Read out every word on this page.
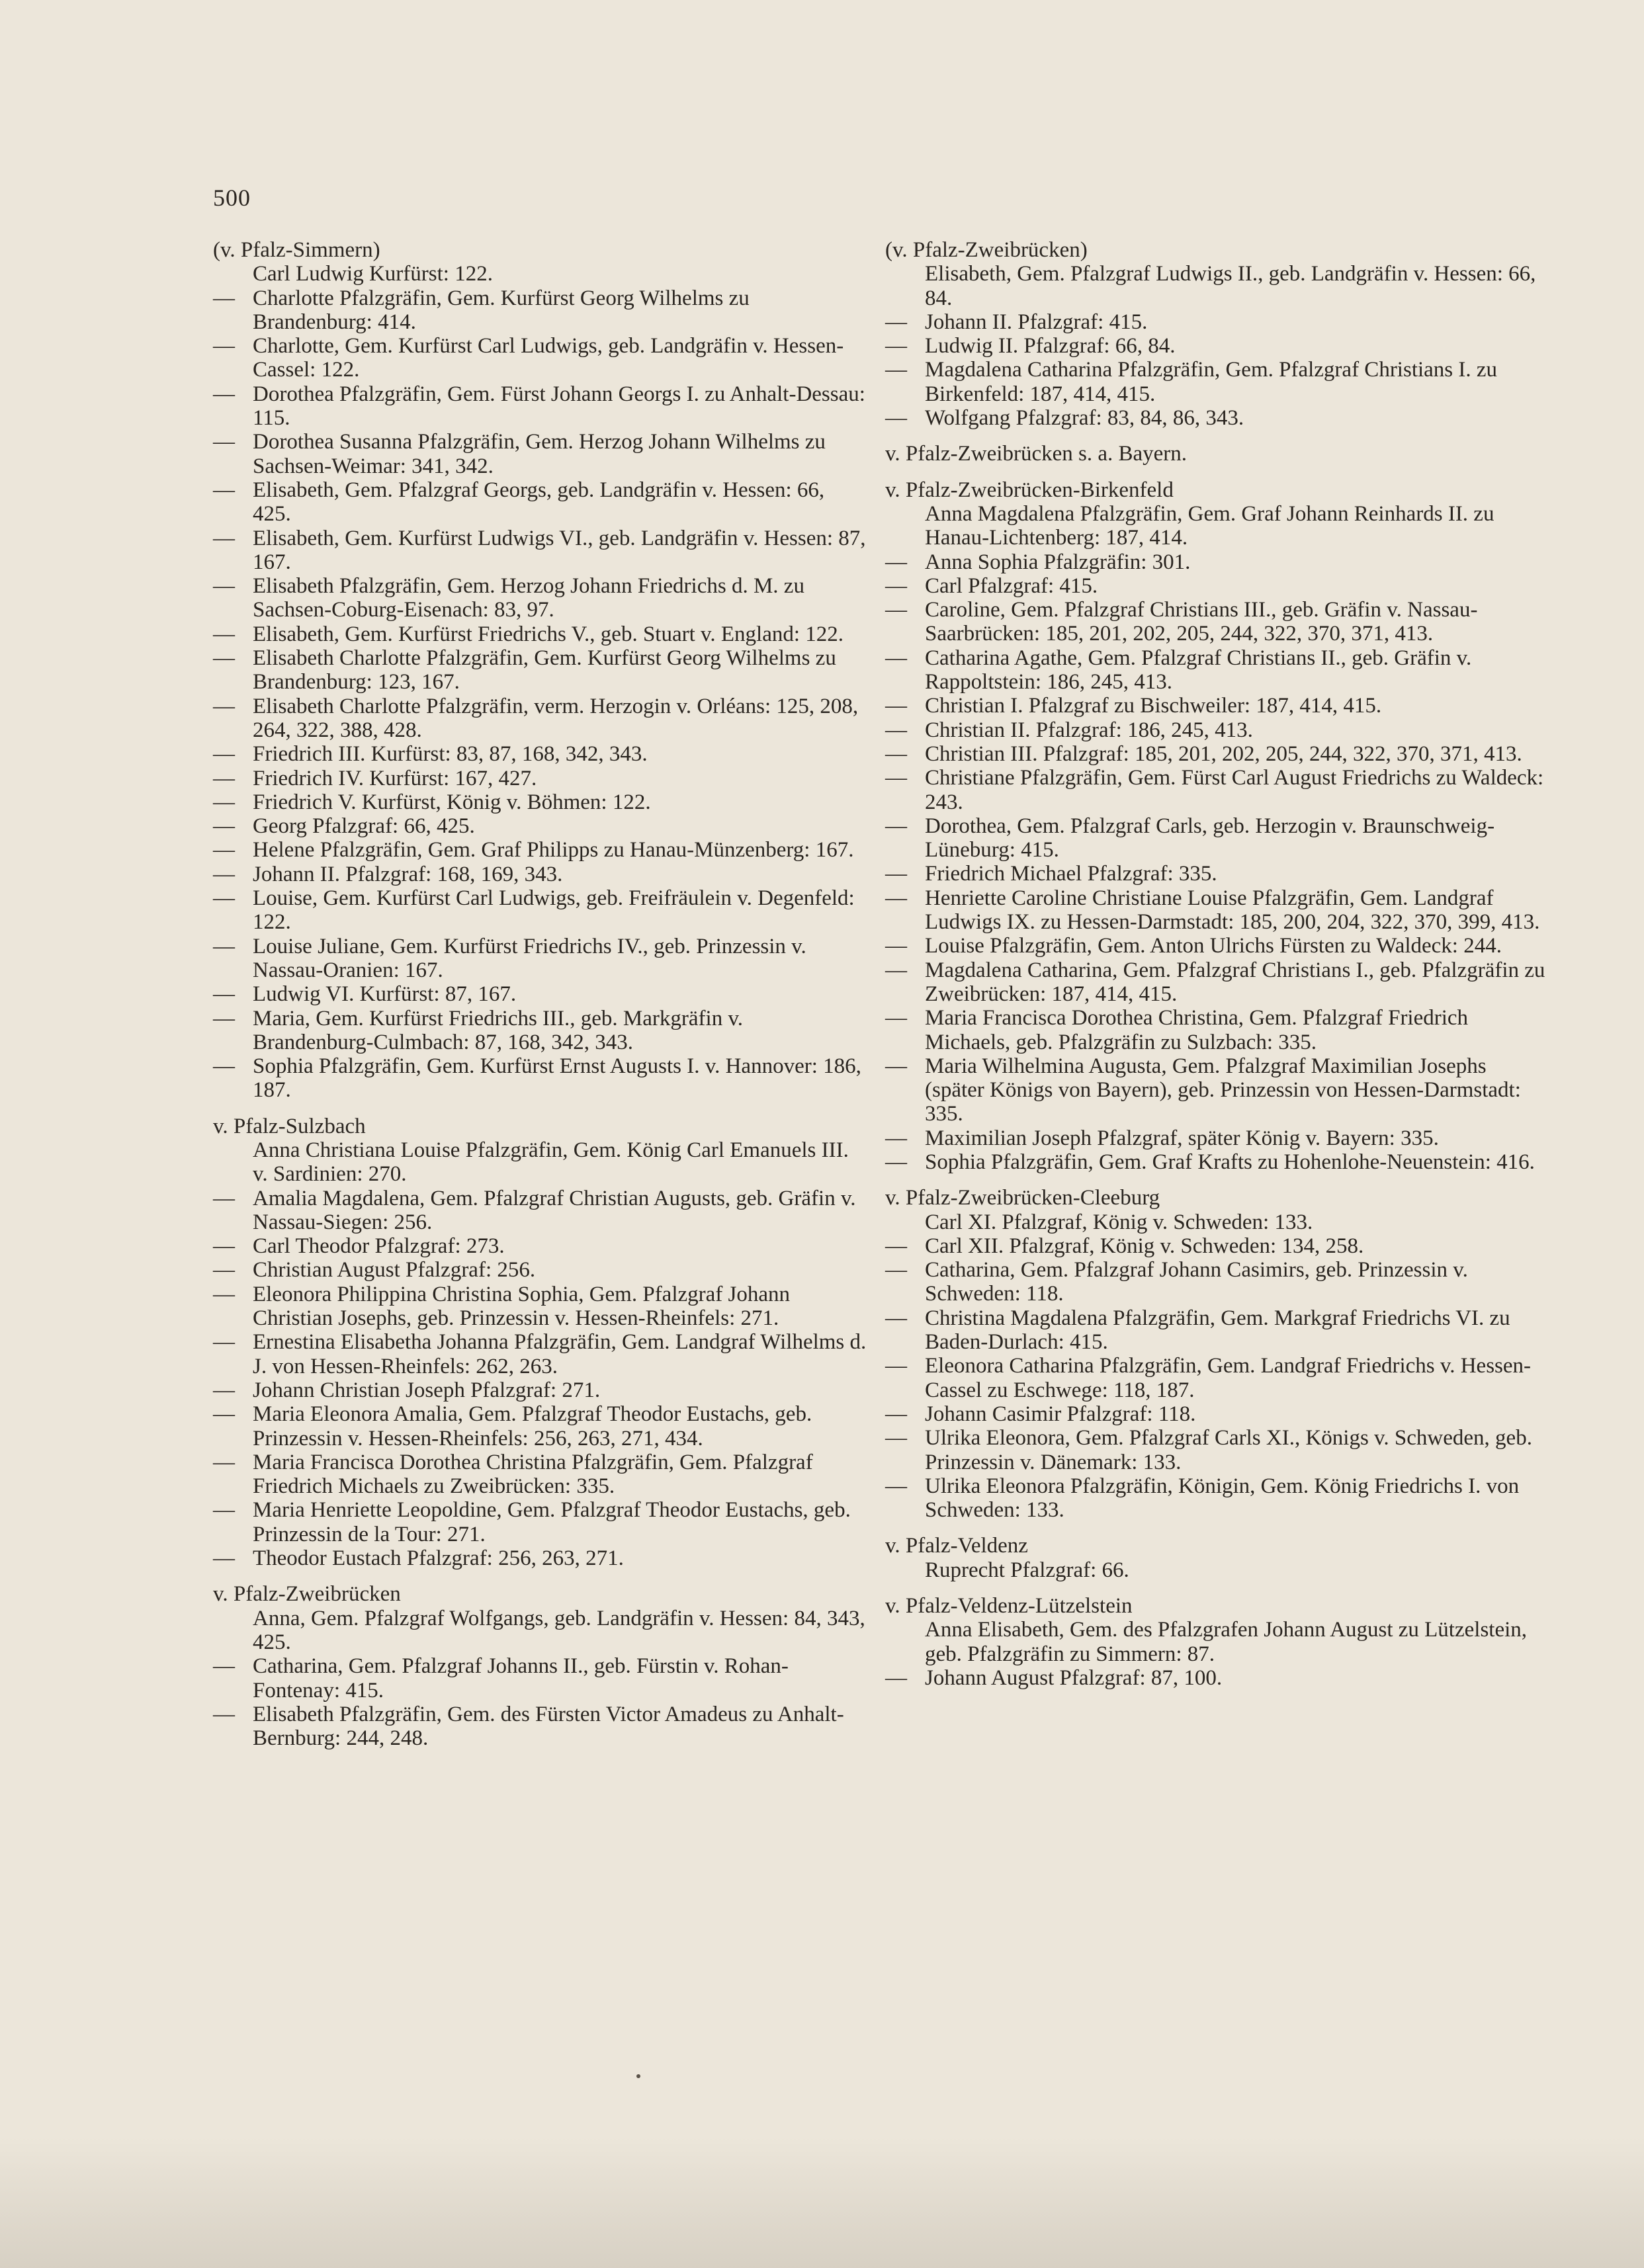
500
(v. Pfalz-Simmern)
Carl Ludwig Kurfürst: 122.
— Charlotte Pfalzgräfin, Gem. Kurfürst Georg Wilhelms zu Brandenburg: 414.
— Charlotte, Gem. Kurfürst Carl Ludwigs, geb. Landgräfin v. Hessen-Cassel: 122.
— Dorothea Pfalzgräfin, Gem. Fürst Johann Georgs I. zu Anhalt-Dessau: 115.
— Dorothea Susanna Pfalzgräfin, Gem. Herzog Johann Wilhelms zu Sachsen-Weimar: 341, 342.
— Elisabeth, Gem. Pfalzgraf Georgs, geb. Landgräfin v. Hessen: 66, 425.
— Elisabeth, Gem. Kurfürst Ludwigs VI., geb. Landgräfin v. Hessen: 87, 167.
— Elisabeth Pfalzgräfin, Gem. Herzog Johann Friedrichs d. M. zu Sachsen-Coburg-Eisenach: 83, 97.
— Elisabeth, Gem. Kurfürst Friedrichs V., geb. Stuart v. England: 122.
— Elisabeth Charlotte Pfalzgräfin, Gem. Kurfürst Georg Wilhelms zu Brandenburg: 123, 167.
— Elisabeth Charlotte Pfalzgräfin, verm. Herzogin v. Orléans: 125, 208, 264, 322, 388, 428.
— Friedrich III. Kurfürst: 83, 87, 168, 342, 343.
— Friedrich IV. Kurfürst: 167, 427.
— Friedrich V. Kurfürst, König v. Böhmen: 122.
— Georg Pfalzgraf: 66, 425.
— Helene Pfalzgräfin, Gem. Graf Philipps zu Hanau-Münzenberg: 167.
— Johann II. Pfalzgraf: 168, 169, 343.
— Louise, Gem. Kurfürst Carl Ludwigs, geb. Freifräulein v. Degenfeld: 122.
— Louise Juliane, Gem. Kurfürst Friedrichs IV., geb. Prinzessin v. Nassau-Oranien: 167.
— Ludwig VI. Kurfürst: 87, 167.
— Maria, Gem. Kurfürst Friedrichs III., geb. Markgräfin v. Brandenburg-Culmbach: 87, 168, 342, 343.
— Sophia Pfalzgräfin, Gem. Kurfürst Ernst Augusts I. v. Hannover: 186, 187.
v. Pfalz-Sulzbach
Anna Christiana Louise Pfalzgräfin, Gem. König Carl Emanuels III. v. Sardinien: 270.
— Amalia Magdalena, Gem. Pfalzgraf Christian Augusts, geb. Gräfin v. Nassau-Siegen: 256.
— Carl Theodor Pfalzgraf: 273.
— Christian August Pfalzgraf: 256.
— Eleonora Philippina Christina Sophia, Gem. Pfalzgraf Johann Christian Josephs, geb. Prinzessin v. Hessen-Rheinfels: 271.
— Ernestina Elisabetha Johanna Pfalzgräfin, Gem. Landgraf Wilhelms d. J. von Hessen-Rheinfels: 262, 263.
— Johann Christian Joseph Pfalzgraf: 271.
— Maria Eleonora Amalia, Gem. Pfalzgraf Theodor Eustachs, geb. Prinzessin v. Hessen-Rheinfels: 256, 263, 271, 434.
— Maria Francisca Dorothea Christina Pfalzgräfin, Gem. Pfalzgraf Friedrich Michaels zu Zweibrücken: 335.
— Maria Henriette Leopoldine, Gem. Pfalzgraf Theodor Eustachs, geb. Prinzessin de la Tour: 271.
— Theodor Eustach Pfalzgraf: 256, 263, 271.
v. Pfalz-Zweibrücken
Anna, Gem. Pfalzgraf Wolfgangs, geb. Landgräfin v. Hessen: 84, 343, 425.
— Catharina, Gem. Pfalzgraf Johanns II., geb. Fürstin v. Rohan-Fontenay: 415.
— Elisabeth Pfalzgräfin, Gem. des Fürsten Victor Amadeus zu Anhalt-Bernburg: 244, 248.
(v. Pfalz-Zweibrücken)
Elisabeth, Gem. Pfalzgraf Ludwigs II., geb. Landgräfin v. Hessen: 66, 84.
— Johann II. Pfalzgraf: 415.
— Ludwig II. Pfalzgraf: 66, 84.
— Magdalena Catharina Pfalzgräfin, Gem. Pfalzgraf Christians I. zu Birkenfeld: 187, 414, 415.
— Wolfgang Pfalzgraf: 83, 84, 86, 343.
v. Pfalz-Zweibrücken s. a. Bayern.
v. Pfalz-Zweibrücken-Birkenfeld
Anna Magdalena Pfalzgräfin, Gem. Graf Johann Reinhards II. zu Hanau-Lichtenberg: 187, 414.
— Anna Sophia Pfalzgräfin: 301.
— Carl Pfalzgraf: 415.
— Caroline, Gem. Pfalzgraf Christians III., geb. Gräfin v. Nassau-Saarbrücken: 185, 201, 202, 205, 244, 322, 370, 371, 413.
— Catharina Agathe, Gem. Pfalzgraf Christians II., geb. Gräfin v. Rappoltstein: 186, 245, 413.
— Christian I. Pfalzgraf zu Bischweiler: 187, 414, 415.
— Christian II. Pfalzgraf: 186, 245, 413.
— Christian III. Pfalzgraf: 185, 201, 202, 205, 244, 322, 370, 371, 413.
— Christiane Pfalzgräfin, Gem. Fürst Carl August Friedrichs zu Waldeck: 243.
— Dorothea, Gem. Pfalzgraf Carls, geb. Herzogin v. Braunschweig-Lüneburg: 415.
— Friedrich Michael Pfalzgraf: 335.
— Henriette Caroline Christiane Louise Pfalzgräfin, Gem. Landgraf Ludwigs IX. zu Hessen-Darmstadt: 185, 200, 204, 322, 370, 399, 413.
— Louise Pfalzgräfin, Gem. Anton Ulrichs Fürsten zu Waldeck: 244.
— Magdalena Catharina, Gem. Pfalzgraf Christians I., geb. Pfalzgräfin zu Zweibrücken: 187, 414, 415.
— Maria Francisca Dorothea Christina, Gem. Pfalzgraf Friedrich Michaels, geb. Pfalzgräfin zu Sulzbach: 335.
— Maria Wilhelmina Augusta, Gem. Pfalzgraf Maximilian Josephs (später Königs von Bayern), geb. Prinzessin von Hessen-Darmstadt: 335.
— Maximilian Joseph Pfalzgraf, später König v. Bayern: 335.
— Sophia Pfalzgräfin, Gem. Graf Krafts zu Hohenlohe-Neuenstein: 416.
v. Pfalz-Zweibrücken-Cleeburg
Carl XI. Pfalzgraf, König v. Schweden: 133.
— Carl XII. Pfalzgraf, König v. Schweden: 134, 258.
— Catharina, Gem. Pfalzgraf Johann Casimirs, geb. Prinzessin v. Schweden: 118.
— Christina Magdalena Pfalzgräfin, Gem. Markgraf Friedrichs VI. zu Baden-Durlach: 415.
— Eleonora Catharina Pfalzgräfin, Gem. Landgraf Friedrichs v. Hessen-Cassel zu Eschwege: 118, 187.
— Johann Casimir Pfalzgraf: 118.
— Ulrika Eleonora, Gem. Pfalzgraf Carls XI., Königs v. Schweden, geb. Prinzessin v. Dänemark: 133.
— Ulrika Eleonora Pfalzgräfin, Königin, Gem. König Friedrichs I. von Schweden: 133.
v. Pfalz-Veldenz
Ruprecht Pfalzgraf: 66.
v. Pfalz-Veldenz-Lützelstein
Anna Elisabeth, Gem. des Pfalzgrafen Johann August zu Lützelstein, geb. Pfalzgräfin zu Simmern: 87.
— Johann August Pfalzgraf: 87, 100.
